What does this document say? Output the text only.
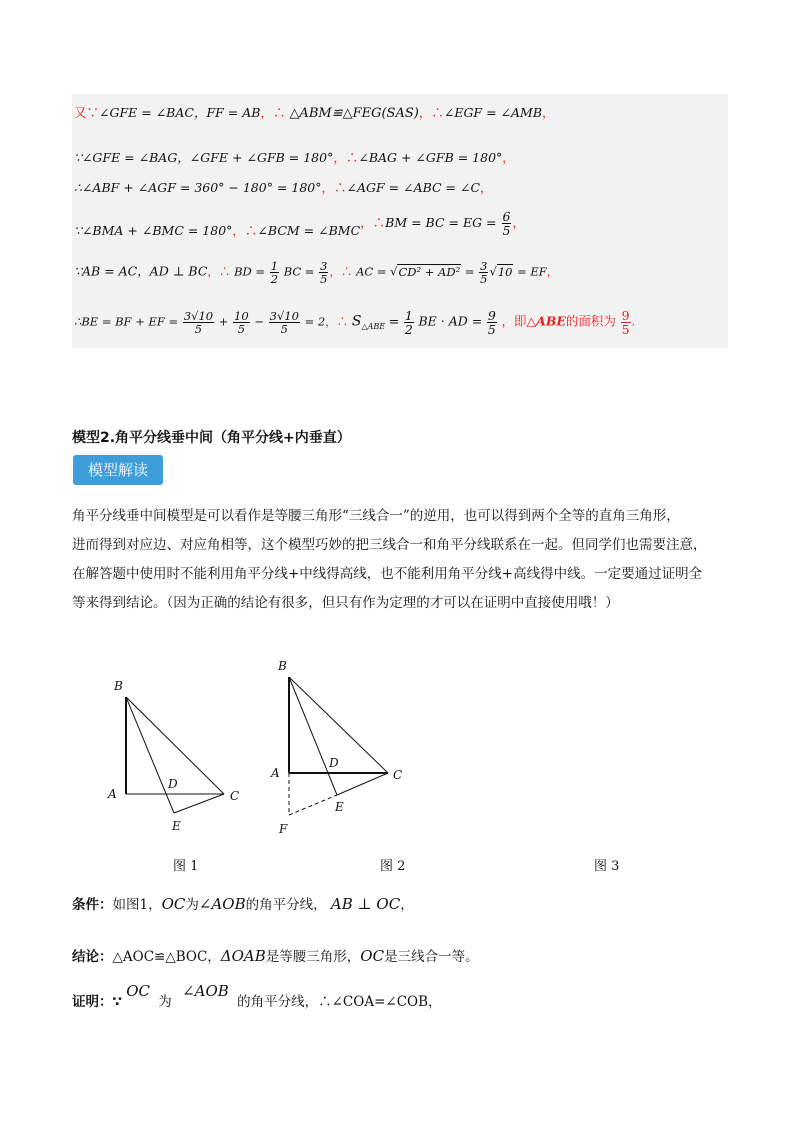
又∵∠GFE = ∠BAC，FF = AB，∴ △ABM≌△FEG(SAS)，∴∠EGF = ∠AMB，
∵∠GFE = ∠BAG，∠GFE + ∠GFB = 180°，∴∠BAG + ∠GFB = 180°，
∴∠ABF + ∠AGF = 360° − 180° = 180°，∴∠AGF = ∠ABC = ∠C，
∵∠BMA + ∠BMC = 180°，∴∠BCM = ∠BMC，∴BM = BC = EG = $\frac{6}{5}$ ，
∵AB = AC，AD ⊥ BC，∴ BD = $\frac{1}{2}$ BC = $\frac{3}{5}$ ，∴ AC = $√CD^2 + AD^2 = \frac{3}{5} √10$ = EF，
∴BE = BF + EF = $\frac{3√10}{5} + \frac{10}{5} - \frac{3√10}{5} = 2$，∴ $S_{\triangle ABE} = \frac{1}{2}$ BE · AD = $\frac{9}{5}$ ，即△ABE的面积为 $\frac{9}{5}$ .
模型2.角平分线垂中间（角平分线+内垂直）
模型解读

角平分线垂中间模型是可以看作是等腰三角形“三线合一”的逆用，也可以得到两个全等的直角三角形，

进而得到对应边、对应角相等，这个模型巧妙的把三线合一和角平分线联系在一起。但同学们也需要注意，

在解答题中使用时不能利用角平分线+中线得高线，也不能利用角平分线+高线得中线。一定要通过证明全

等来得到结论。（因为正确的结论有很多，但只有作为定理的才可以在证明中直接使用哦！）

B
A
D
C
E
B
A
D
C
E
F
图 1	图 2	图 3
条件：如图1，OC为∠AOB的角平分线， AB ⊥ OC，
结论：△AOC≌△BOC，ΔOAB是等腰三角形，OC是三线合一等。
证明：∵ OC 为 ∠AOB 的角平分线，∴∠COA=∠COB，
